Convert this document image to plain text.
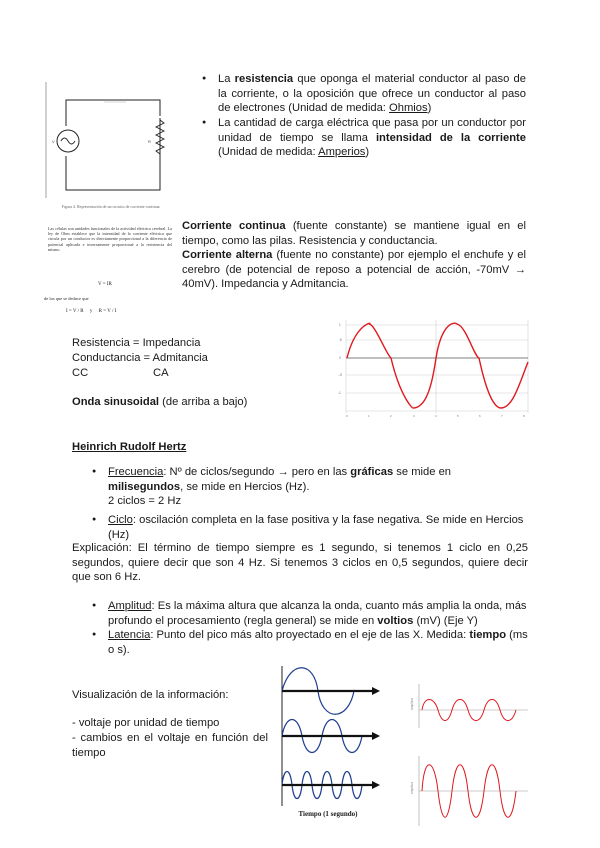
V	R
Figura 4. Representación de un circuito de corriente continua.
● La resistencia que oponga el material conductor al paso de la corriente, o la oposición que ofrece un conductor al paso de electrones (Unidad de medida: Ohmios)
● La cantidad de carga eléctrica que pasa por un conductor por unidad de tiempo se llama intensidad de la corriente (Unidad de medida: Amperios)
Las células son unidades funcionales de la actividad eléctrica cerebral. La ley de Ohm establece que la intensidad de la corriente eléctrica que circula por un conductor es directamente proporcional a la diferencia de potencial aplicada e inversamente proporcional a la resistencia del mismo.
V = IR
de los que se deduce que
I = V / R     y     R = V / I
Corriente continua (fuente constante) se mantiene igual en el tiempo, como las pilas. Resistencia y conductancia.
Corriente alterna (fuente no constante) por ejemplo el enchufe y el cerebro (de potencial de reposo a potencial de acción, -70mV → 40mV). Impedancia y Admitancia.
Resistencia = Impedancia
Conductancia = Admitancia
CC	CA
Onda sinusoidal (de arriba a bajo)
1
.5
0
-.5
-1
0	1	2	3	4	5	6	7	8
Heinrich Rudolf Hertz
● Frecuencia: Nº de ciclos/segundo → pero en las gráficas se mide en milisegundos, se mide en Hercios (Hz).
2 ciclos = 2 Hz
● Ciclo: oscilación completa en la fase positiva y la fase negativa. Se mide en Hercios (Hz)
Explicación: El término de tiempo siempre es 1 segundo, si tenemos 1 ciclo en 0,25 segundos, quiere decir que son 4 Hz. Si tenemos 3 ciclos en 0,5 segundos, quiere decir que son 6 Hz.
● Amplitud: Es la máxima altura que alcanza la onda, cuanto más amplia la onda, más profundo el procesamiento (regla general) se mide en voltios (mV) (Eje Y)
● Latencia: Punto del pico más alto proyectado en el eje de las X. Medida: tiempo (ms o s).
Visualización de la información:
- voltaje por unidad de tiempo
- cambios en el voltaje en función del tiempo
Tiempo (1 segundo)
amplitud
amplitud
